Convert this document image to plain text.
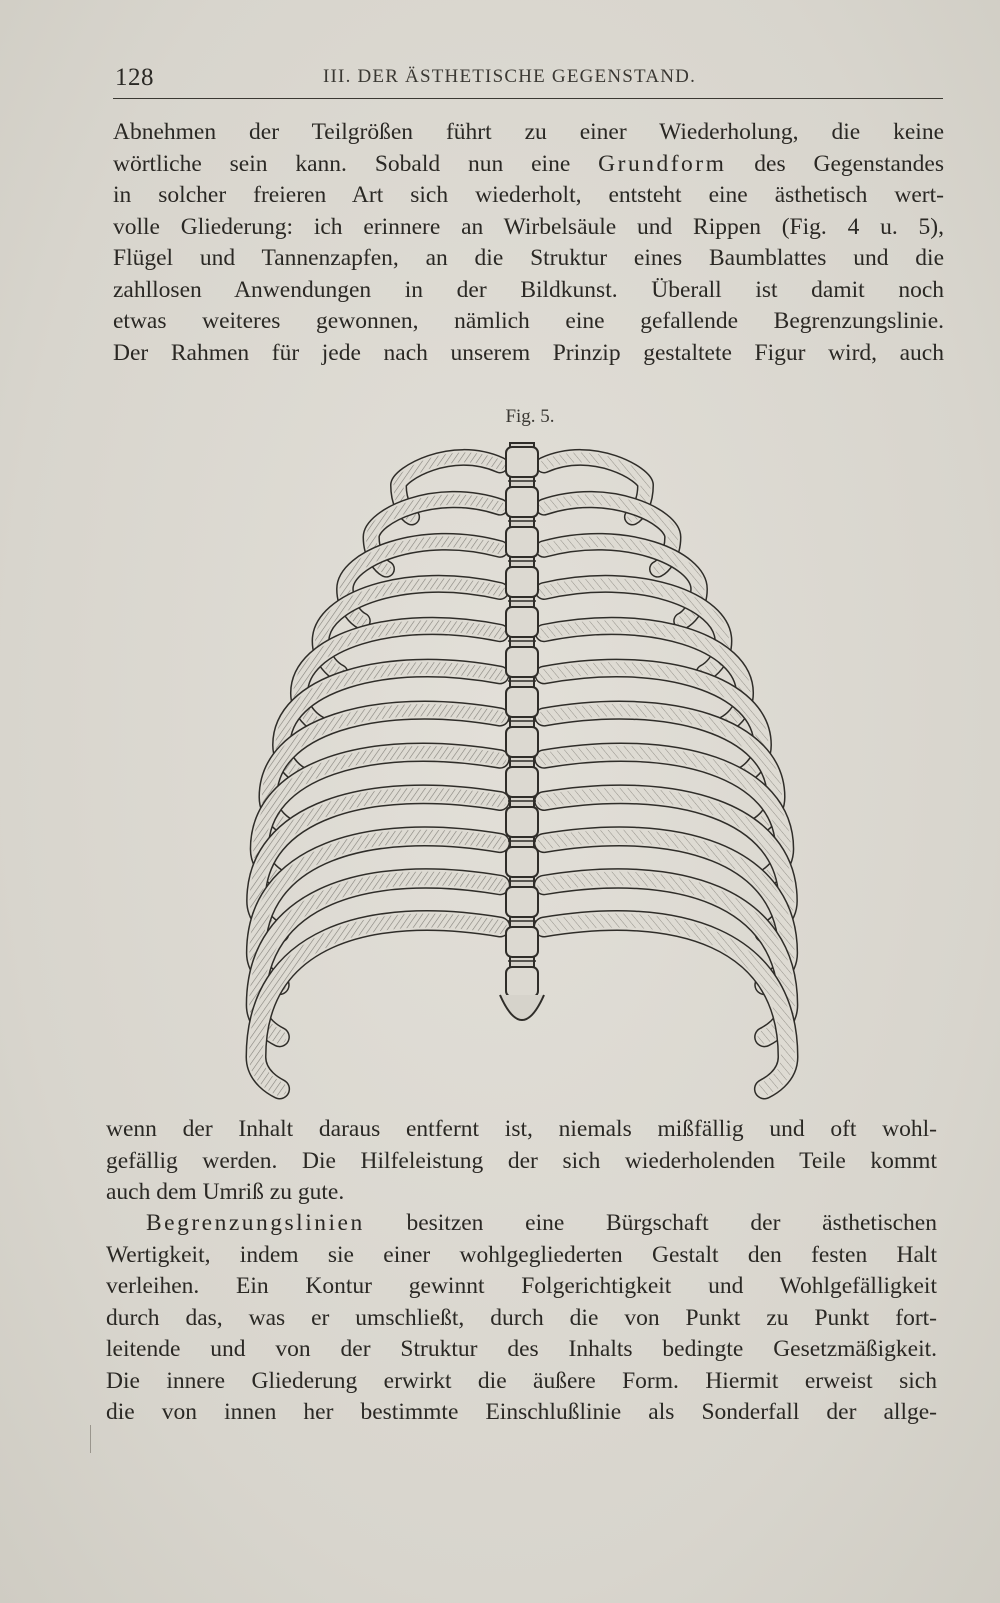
128	III. DER ÄSTHETISCHE GEGENSTAND.
Abnehmen der Teilgrößen führt zu einer Wiederholung, die keine
wörtliche sein kann. Sobald nun eine Grundform des Gegenstandes
in solcher freieren Art sich wiederholt, entsteht eine ästhetisch wert-
volle Gliederung: ich erinnere an Wirbelsäule und Rippen (Fig. 4 u. 5),
Flügel und Tannenzapfen, an die Struktur eines Baumblattes und die
zahllosen Anwendungen in der Bildkunst. Überall ist damit noch
etwas weiteres gewonnen, nämlich eine gefallende Begrenzungslinie.
Der Rahmen für jede nach unserem Prinzip gestaltete Figur wird, auch
Fig. 5.
wenn der Inhalt daraus entfernt ist, niemals mißfällig und oft wohl-
gefällig werden. Die Hilfeleistung der sich wiederholenden Teile kommt
auch dem Umriß zu gute.
Begrenzungslinien besitzen eine Bürgschaft der ästhetischen
Wertigkeit, indem sie einer wohlgegliederten Gestalt den festen Halt
verleihen. Ein Kontur gewinnt Folgerichtigkeit und Wohlgefälligkeit
durch das, was er umschließt, durch die von Punkt zu Punkt fort-
leitende und von der Struktur des Inhalts bedingte Gesetzmäßigkeit.
Die innere Gliederung erwirkt die äußere Form. Hiermit erweist sich
die von innen her bestimmte Einschlußlinie als Sonderfall der allge-
